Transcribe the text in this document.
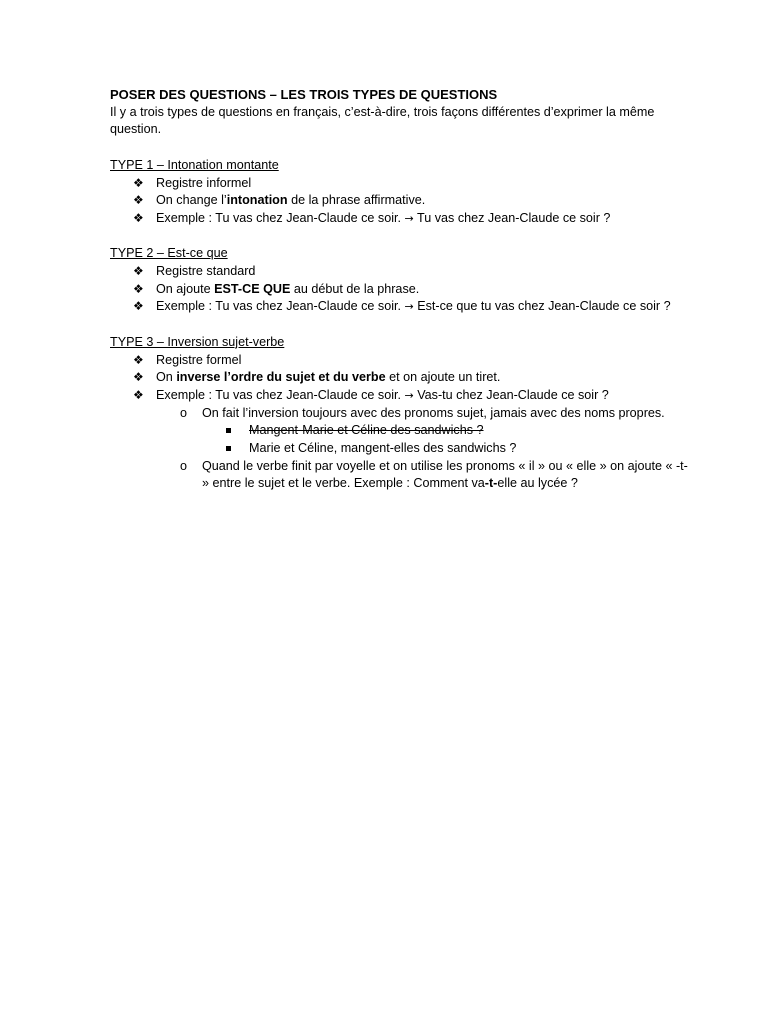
POSER DES QUESTIONS – LES TROIS TYPES DE QUESTIONS

Il y a trois types de questions en français, c’est-à-dire, trois façons différentes d’exprimer la même question.

TYPE 1 – Intonation montante

❖ Registre informel
❖ On change l’intonation de la phrase affirmative.
❖ Exemple : Tu vas chez Jean-Claude ce soir. → Tu vas chez Jean-Claude ce soir ?

TYPE 2 – Est-ce que

❖ Registre standard
❖ On ajoute EST-CE QUE au début de la phrase.
❖ Exemple : Tu vas chez Jean-Claude ce soir. → Est-ce que tu vas chez Jean-Claude ce soir ?

TYPE 3 – Inversion sujet-verbe

❖ Registre formel
❖ On inverse l’ordre du sujet et du verbe et on ajoute un tiret.
❖ Exemple : Tu vas chez Jean-Claude ce soir. → Vas-tu chez Jean-Claude ce soir ?
o On fait l’inversion toujours avec des pronoms sujet, jamais avec des noms propres.
Mangent-Marie et Céline des sandwichs ?
Marie et Céline, mangent-elles des sandwichs ?
o Quand le verbe finit par voyelle et on utilise les pronoms « il » ou « elle » on ajoute « -t- » entre le sujet et le verbe. Exemple : Comment va-t-elle au lycée ?
